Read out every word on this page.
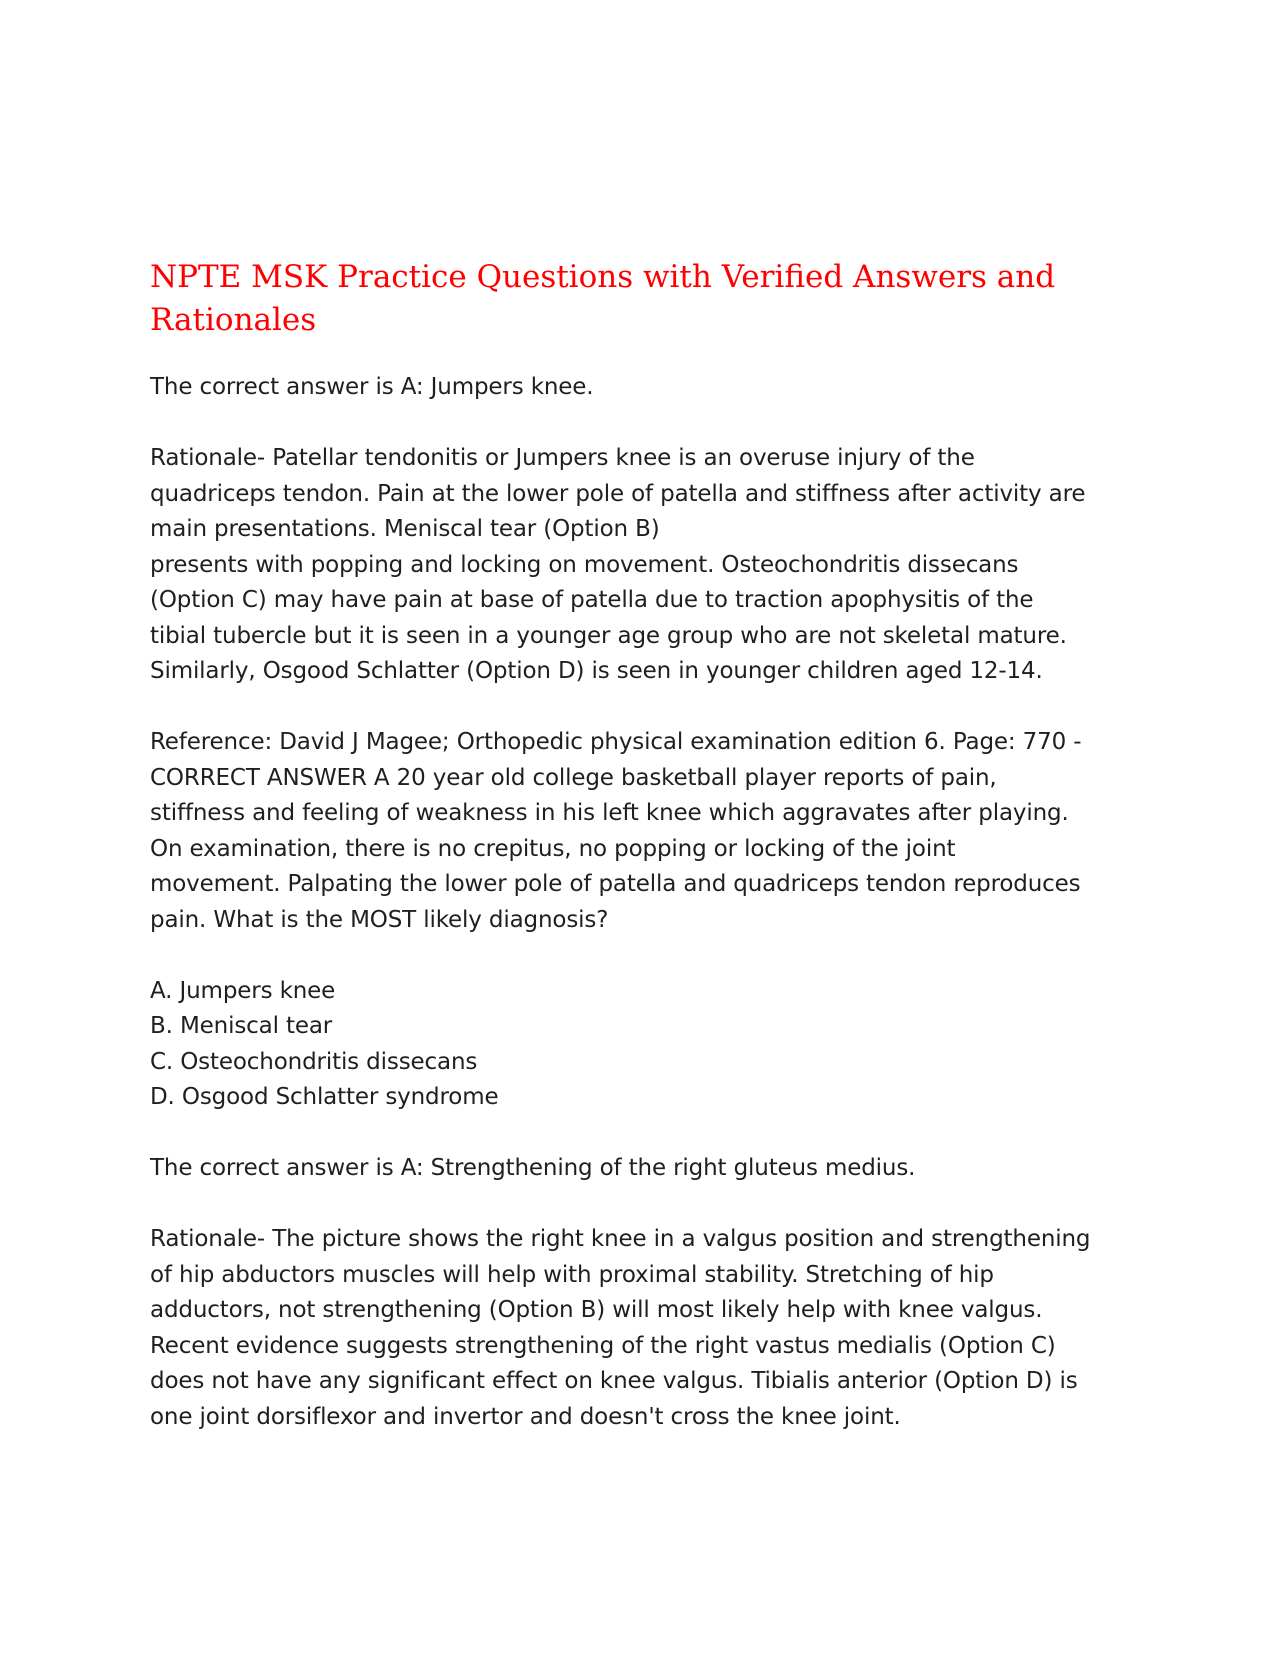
NPTE MSK Practice Questions with Verified Answers and
Rationales

The correct answer is A: Jumpers knee.

Rationale- Patellar tendonitis or Jumpers knee is an overuse injury of the
quadriceps tendon. Pain at the lower pole of patella and stiffness after activity are
main presentations. Meniscal tear (Option B)
presents with popping and locking on movement. Osteochondritis dissecans
(Option C) may have pain at base of patella due to traction apophysitis of the
tibial tubercle but it is seen in a younger age group who are not skeletal mature.
Similarly, Osgood Schlatter (Option D) is seen in younger children aged 12-14.

Reference: David J Magee; Orthopedic physical examination edition 6. Page: 770 -
CORRECT ANSWER A 20 year old college basketball player reports of pain,
stiffness and feeling of weakness in his left knee which aggravates after playing.
On examination, there is no crepitus, no popping or locking of the joint
movement. Palpating the lower pole of patella and quadriceps tendon reproduces
pain. What is the MOST likely diagnosis?

A. Jumpers knee
B. Meniscal tear
C. Osteochondritis dissecans
D. Osgood Schlatter syndrome

The correct answer is A: Strengthening of the right gluteus medius.

Rationale- The picture shows the right knee in a valgus position and strengthening
of hip abductors muscles will help with proximal stability. Stretching of hip
adductors, not strengthening (Option B) will most likely help with knee valgus.
Recent evidence suggests strengthening of the right vastus medialis (Option C)
does not have any significant effect on knee valgus. Tibialis anterior (Option D) is
one joint dorsiflexor and invertor and doesn't cross the knee joint.
